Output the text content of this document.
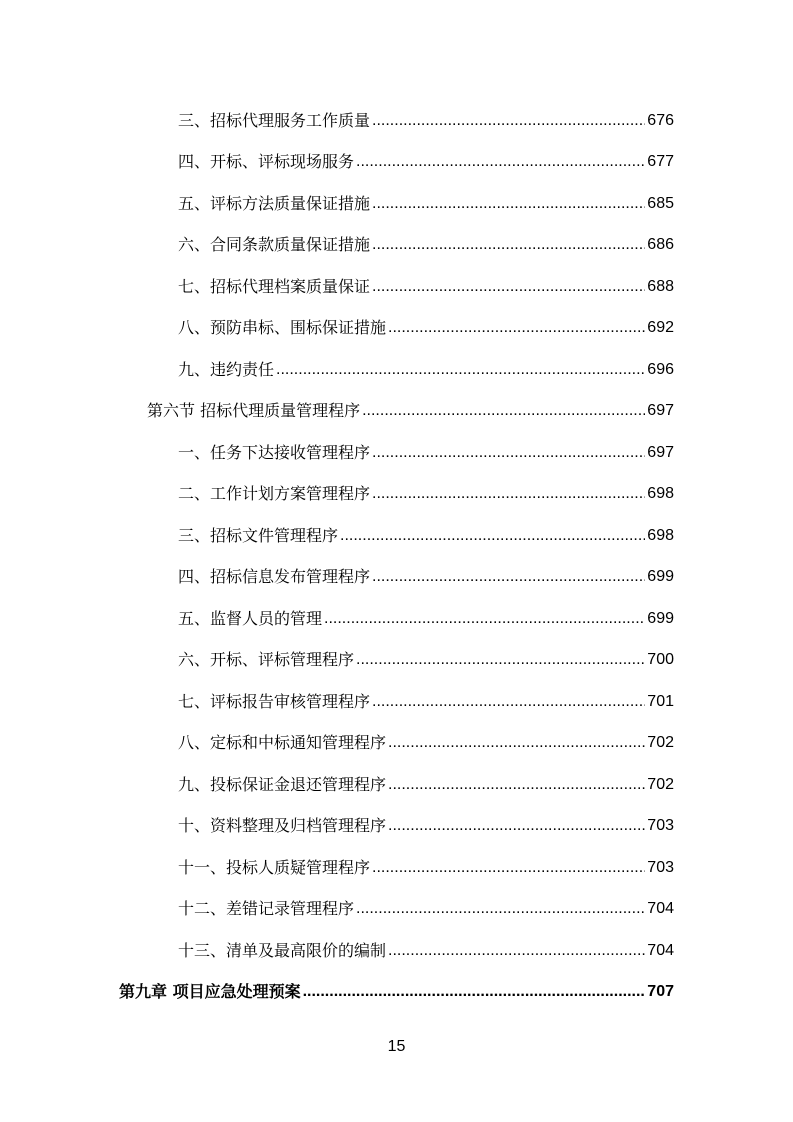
三、招标代理服务工作质量 .....	676
四、开标、评标现场服务 .....	677
五、评标方法质量保证措施 .....	685
六、合同条款质量保证措施 .....	686
七、招标代理档案质量保证 .....	688
八、预防串标、围标保证措施 .....	692
九、违约责任 .....	696
第六节 招标代理质量管理程序 .....	697
一、任务下达接收管理程序 .....	697
二、工作计划方案管理程序 .....	698
三、招标文件管理程序 .....	698
四、招标信息发布管理程序 .....	699
五、监督人员的管理 .....	699
六、开标、评标管理程序 .....	700
七、评标报告审核管理程序 .....	701
八、定标和中标通知管理程序 .....	702
九、投标保证金退还管理程序 .....	702
十、资料整理及归档管理程序 .....	703
十一、投标人质疑管理程序 .....	703
十二、差错记录管理程序 .....	704
十三、清单及最高限价的编制 .....	704
第九章 项目应急处理预案 .....	707
15
